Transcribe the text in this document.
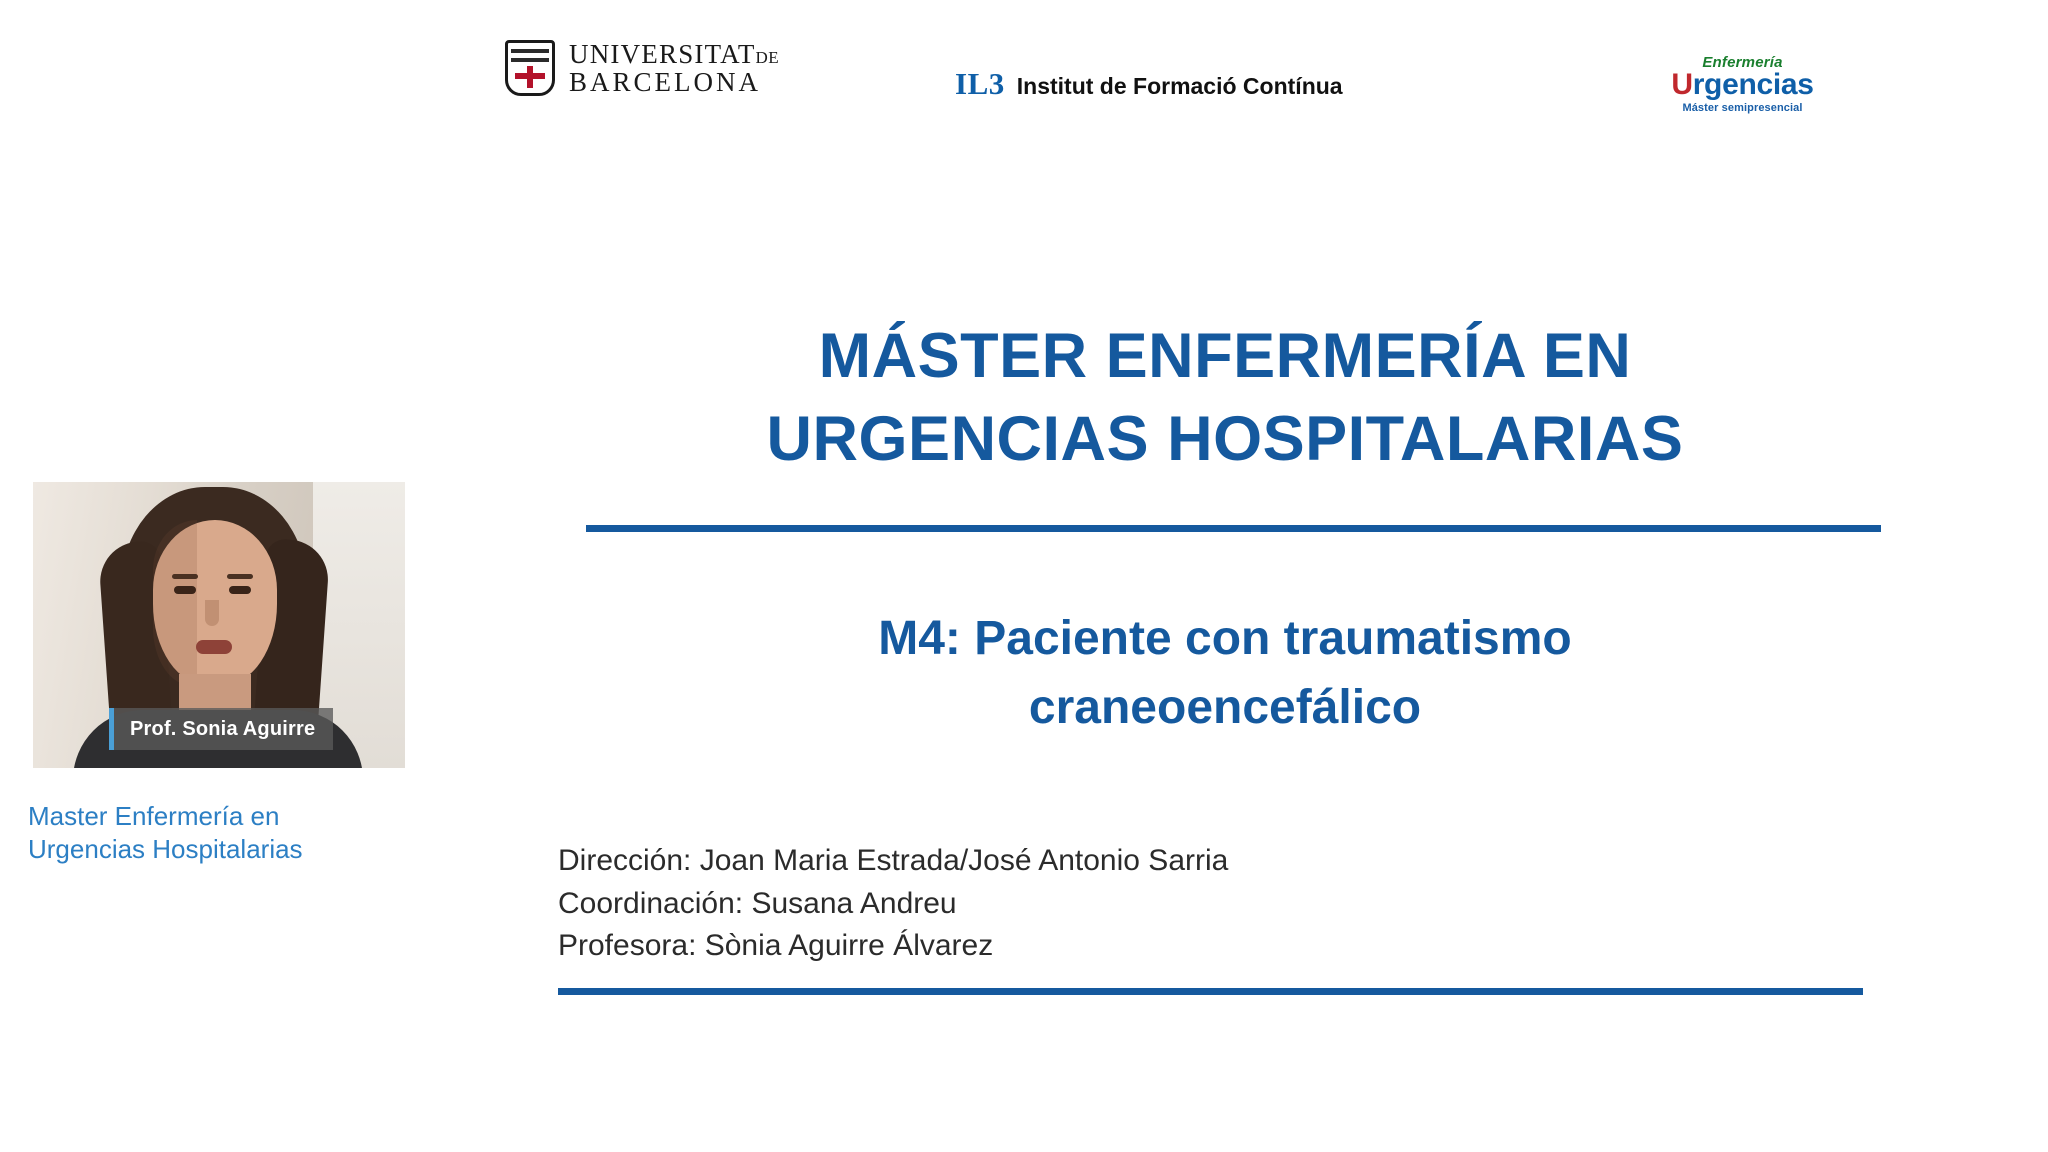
UNIVERSITATDE
BARCELONA	IL3 Institut de Formació Contínua
Enfermería
Urgencias
Máster semipresencial
MÁSTER ENFERMERÍA EN
URGENCIAS HOSPITALARIAS
M4: Paciente con traumatismo
craneoencefálico
Dirección: Joan Maria Estrada/José Antonio Sarria
Coordinación: Susana Andreu
Profesora: Sònia Aguirre Álvarez
Prof. Sonia Aguirre
Master Enfermería en
Urgencias Hospitalarias
